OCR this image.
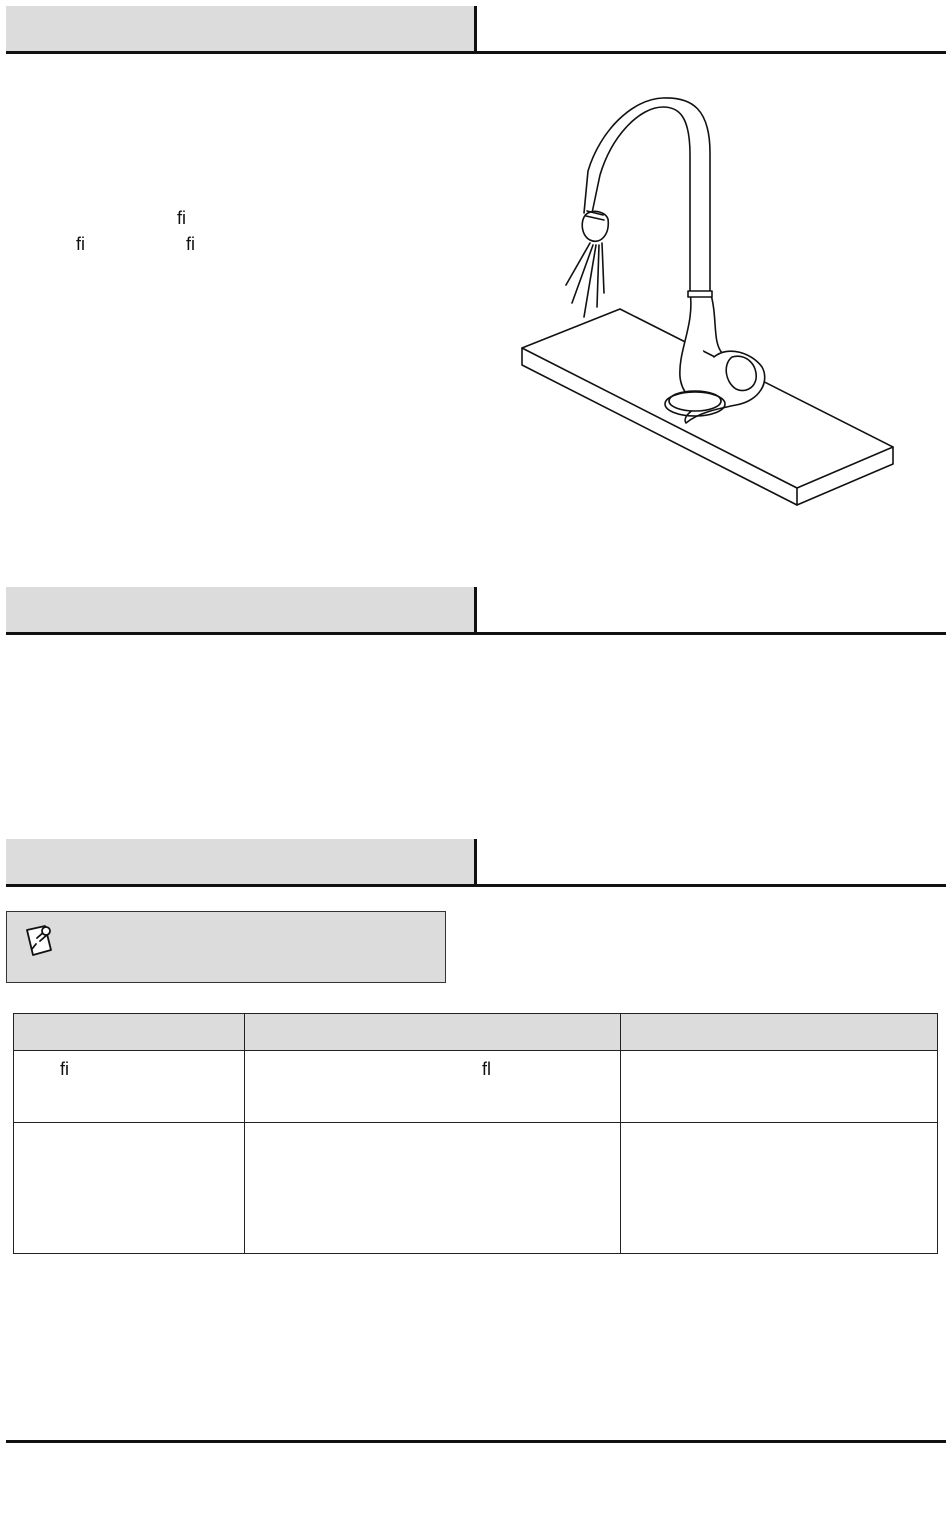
fi
fi	fi

fi	fl	
